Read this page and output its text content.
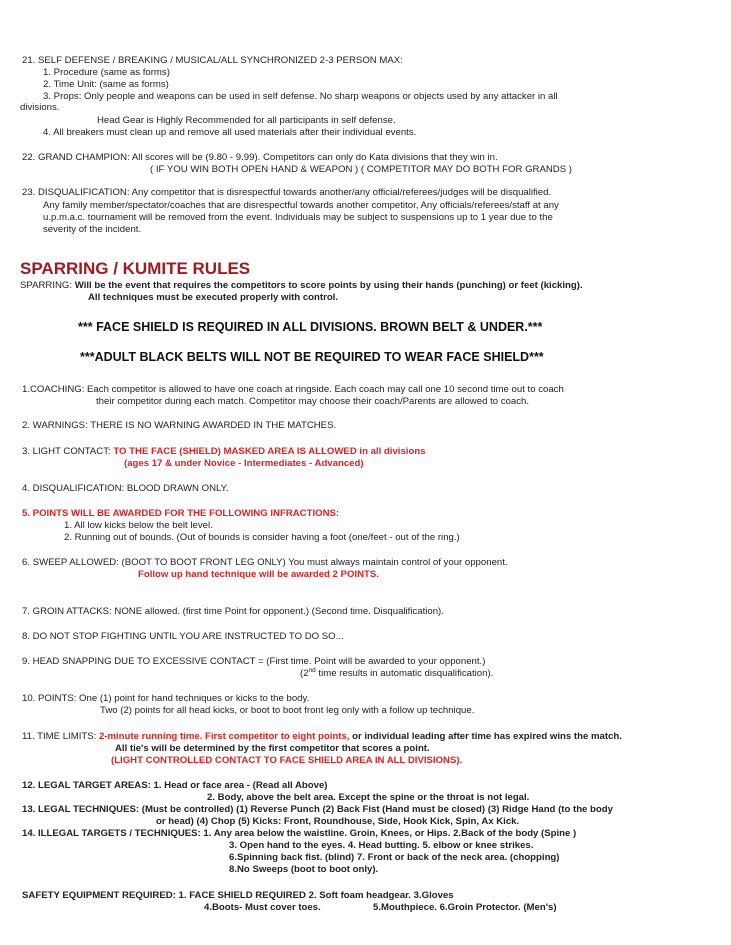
21. SELF DEFENSE / BREAKING / MUSICAL/ALL SYNCHRONIZED 2-3 PERSON MAX:
1. Procedure (same as forms)
2. Time Unit: (same as forms)
3. Props: Only people and weapons can be used in self defense. No sharp weapons or objects used by any attacker in all
divisions.
Head Gear is Highly Recommended for all participants in self defense.
4. All breakers must clean up and remove all used materials after their individual events.
22. GRAND CHAMPION: All scores will be (9.80 - 9.99). Competitors can only do Kata divisions that they win in.
( IF YOU WIN BOTH OPEN HAND & WEAPON ) ( COMPETITOR MAY DO BOTH FOR GRANDS )
23. DISQUALIFICATION: Any competitor that is disrespectful towards another/any official/referees/judges will be disqualified.
Any family member/spectator/coaches that are disrespectful towards another competitor, Any officials/referees/staff at any
u.p.m.a.c. tournament will be removed from the event. Individuals may be subject to suspensions up to 1 year due to the
severity of the incident.
SPARRING / KUMITE RULES
SPARRING: Will be the event that requires the competitors to score points by using their hands (punching) or feet (kicking).
All techniques must be executed properly with control.
*** FACE SHIELD IS REQUIRED IN ALL DIVISIONS. BROWN BELT & UNDER.***
***ADULT BLACK BELTS WILL NOT BE REQUIRED TO WEAR FACE SHIELD***
1.COACHING: Each competitor is allowed to have one coach at ringside. Each coach may call one 10 second time out to coach
their competitor during each match. Competitor may choose their coach/Parents are allowed to coach.
2. WARNINGS: THERE IS NO WARNING AWARDED IN THE MATCHES.
3. LIGHT CONTACT: TO THE FACE (SHIELD) MASKED AREA IS ALLOWED in all divisions
(ages 17 & under Novice - Intermediates - Advanced)
4. DISQUALIFICATION: BLOOD DRAWN ONLY.
5. POINTS WILL BE AWARDED FOR THE FOLLOWING INFRACTIONS:
1. All low kicks below the belt level.
2. Running out of bounds. (Out of bounds is consider having a foot (one/feet - out of the ring.)
6. SWEEP ALLOWED: (BOOT TO BOOT FRONT LEG ONLY) You must always maintain control of your opponent.
Follow up hand technique will be awarded 2 POINTS.
7. GROIN ATTACKS: NONE allowed. (first time Point for opponent.) (Second time. Disqualification).
8. DO NOT STOP FIGHTING UNTIL YOU ARE INSTRUCTED TO DO SO...
9. HEAD SNAPPING DUE TO EXCESSIVE CONTACT = (First time. Point will be awarded to your opponent.)
(2nd time results in automatic disqualification).
10. POINTS: One (1) point for hand techniques or kicks to the body.
Two (2) points for all head kicks, or boot to boot front leg only with a follow up technique.
11. TIME LIMITS: 2-minute running time. First competitor to eight points, or individual leading after time has expired wins the match.
All tie's will be determined by the first competitor that scores a point.
(LIGHT CONTROLLED CONTACT TO FACE SHIELD AREA IN ALL DIVISIONS).
12. LEGAL TARGET AREAS: 1. Head or face area - (Read all Above)
2. Body, above the belt area. Except the spine or the throat is not legal.
13. LEGAL TECHNIQUES: (Must be controlled) (1) Reverse Punch (2) Back Fist (Hand must be closed) (3) Ridge Hand (to the body
or head) (4) Chop (5) Kicks: Front, Roundhouse, Side, Hook Kick, Spin, Ax Kick.
14. ILLEGAL TARGETS / TECHNIQUES: 1. Any area below the waistline. Groin, Knees, or Hips. 2.Back of the body (Spine )
3. Open hand to the eyes. 4. Head butting. 5. elbow or knee strikes.
6.Spinning back fist. (blind) 7. Front or back of the neck area. (chopping)
8.No Sweeps (boot to boot only).
SAFETY EQUIPMENT REQUIRED: 1. FACE SHIELD REQUIRED 2. Soft foam headgear. 3.Gloves
4.Boots- Must cover toes.	5.Mouthpiece. 6.Groin Protector. (Men's)
